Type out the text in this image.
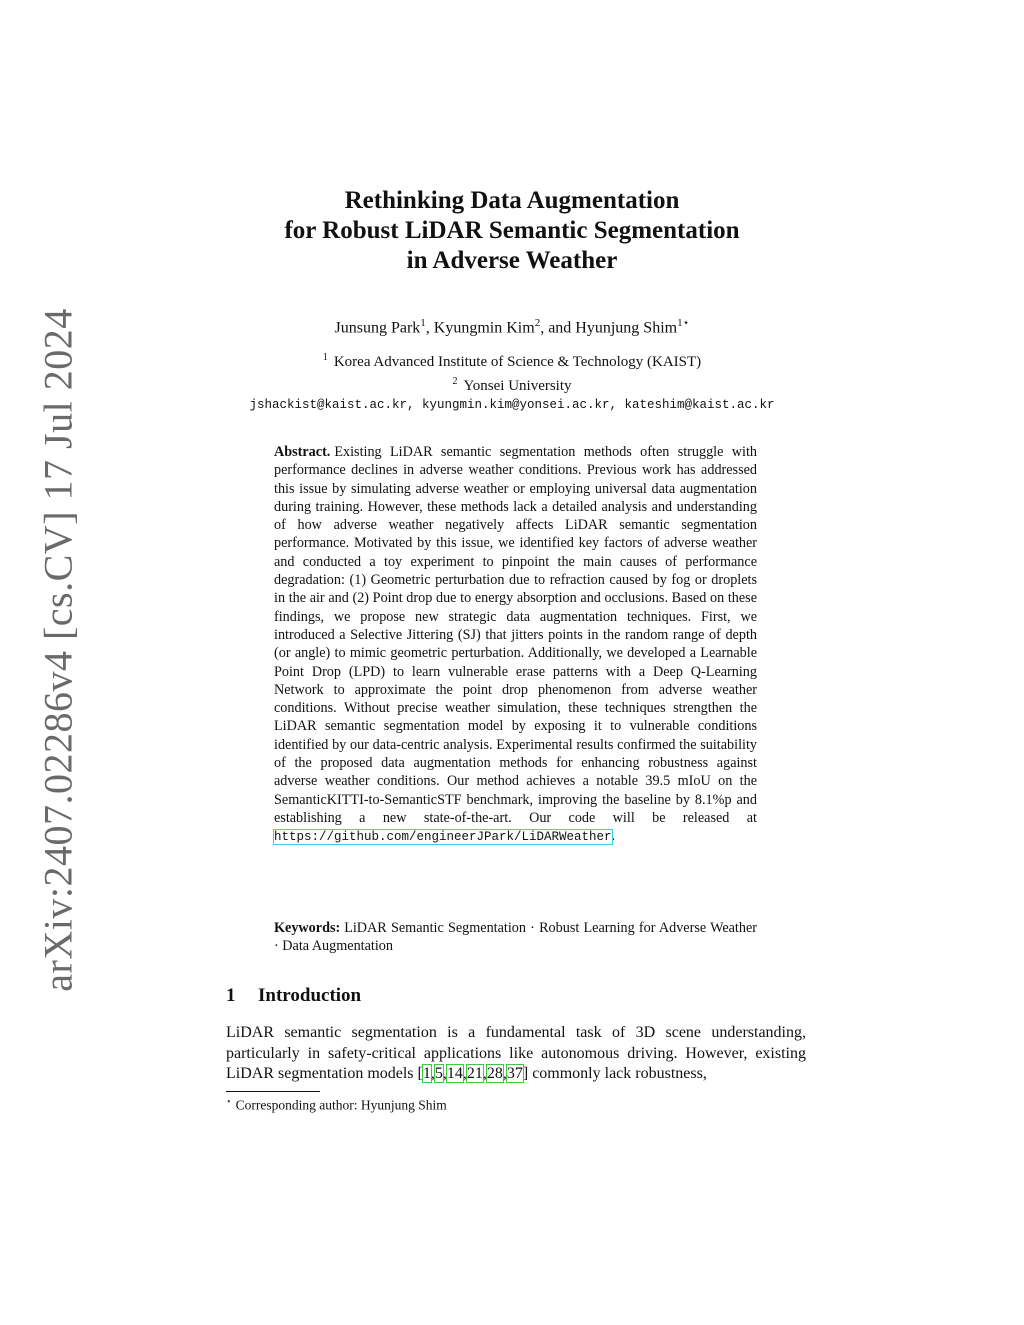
arXiv:2407.02286v4 [cs.CV] 17 Jul 2024
Rethinking Data Augmentation
for Robust LiDAR Semantic Segmentation
in Adverse Weather
Junsung Park$^1$, Kyungmin Kim$^2$, and Hyunjung Shim$^{1⋆}$
$^1$ Korea Advanced Institute of Science & Technology (KAIST)
$^2$ Yonsei University
jshackist@kaist.ac.kr, kyungmin.kim@yonsei.ac.kr, kateshim@kaist.ac.kr
Abstract. Existing LiDAR semantic segmentation methods often struggle with performance declines in adverse weather conditions. Previous work has addressed this issue by simulating adverse weather or employing universal data augmentation during training. However, these methods lack a detailed analysis and understanding of how adverse weather negatively affects LiDAR semantic segmentation performance. Motivated by this issue, we identified key factors of adverse weather and conducted a toy experiment to pinpoint the main causes of performance degradation: (1) Geometric perturbation due to refraction caused by fog or droplets in the air and (2) Point drop due to energy absorption and occlusions. Based on these findings, we propose new strategic data augmentation techniques. First, we introduced a Selective Jittering (SJ) that jitters points in the random range of depth (or angle) to mimic geometric perturbation. Additionally, we developed a Learnable Point Drop (LPD) to learn vulnerable erase patterns with a Deep Q-Learning Network to approximate the point drop phenomenon from adverse weather conditions. Without precise weather simulation, these techniques strengthen the LiDAR semantic segmentation model by exposing it to vulnerable conditions identified by our data-centric analysis. Experimental results confirmed the suitability of the proposed data augmentation methods for enhancing robustness against adverse weather conditions. Our method achieves a notable 39.5 mIoU on the SemanticKITTI-to-SemanticSTF benchmark, improving the baseline by 8.1%p and establishing a new state-of-the-art. Our code will be released at https://github.com/engineerJPark/LiDARWeather.
Keywords: LiDAR Semantic Segmentation · Robust Learning for Adverse Weather · Data Augmentation
1 Introduction
LiDAR semantic segmentation is a fundamental task of 3D scene understanding, particularly in safety-critical applications like autonomous driving. However, existing LiDAR segmentation models [1,5,14,21,28,37] commonly lack robustness,
⋆ Corresponding author: Hyunjung Shim
